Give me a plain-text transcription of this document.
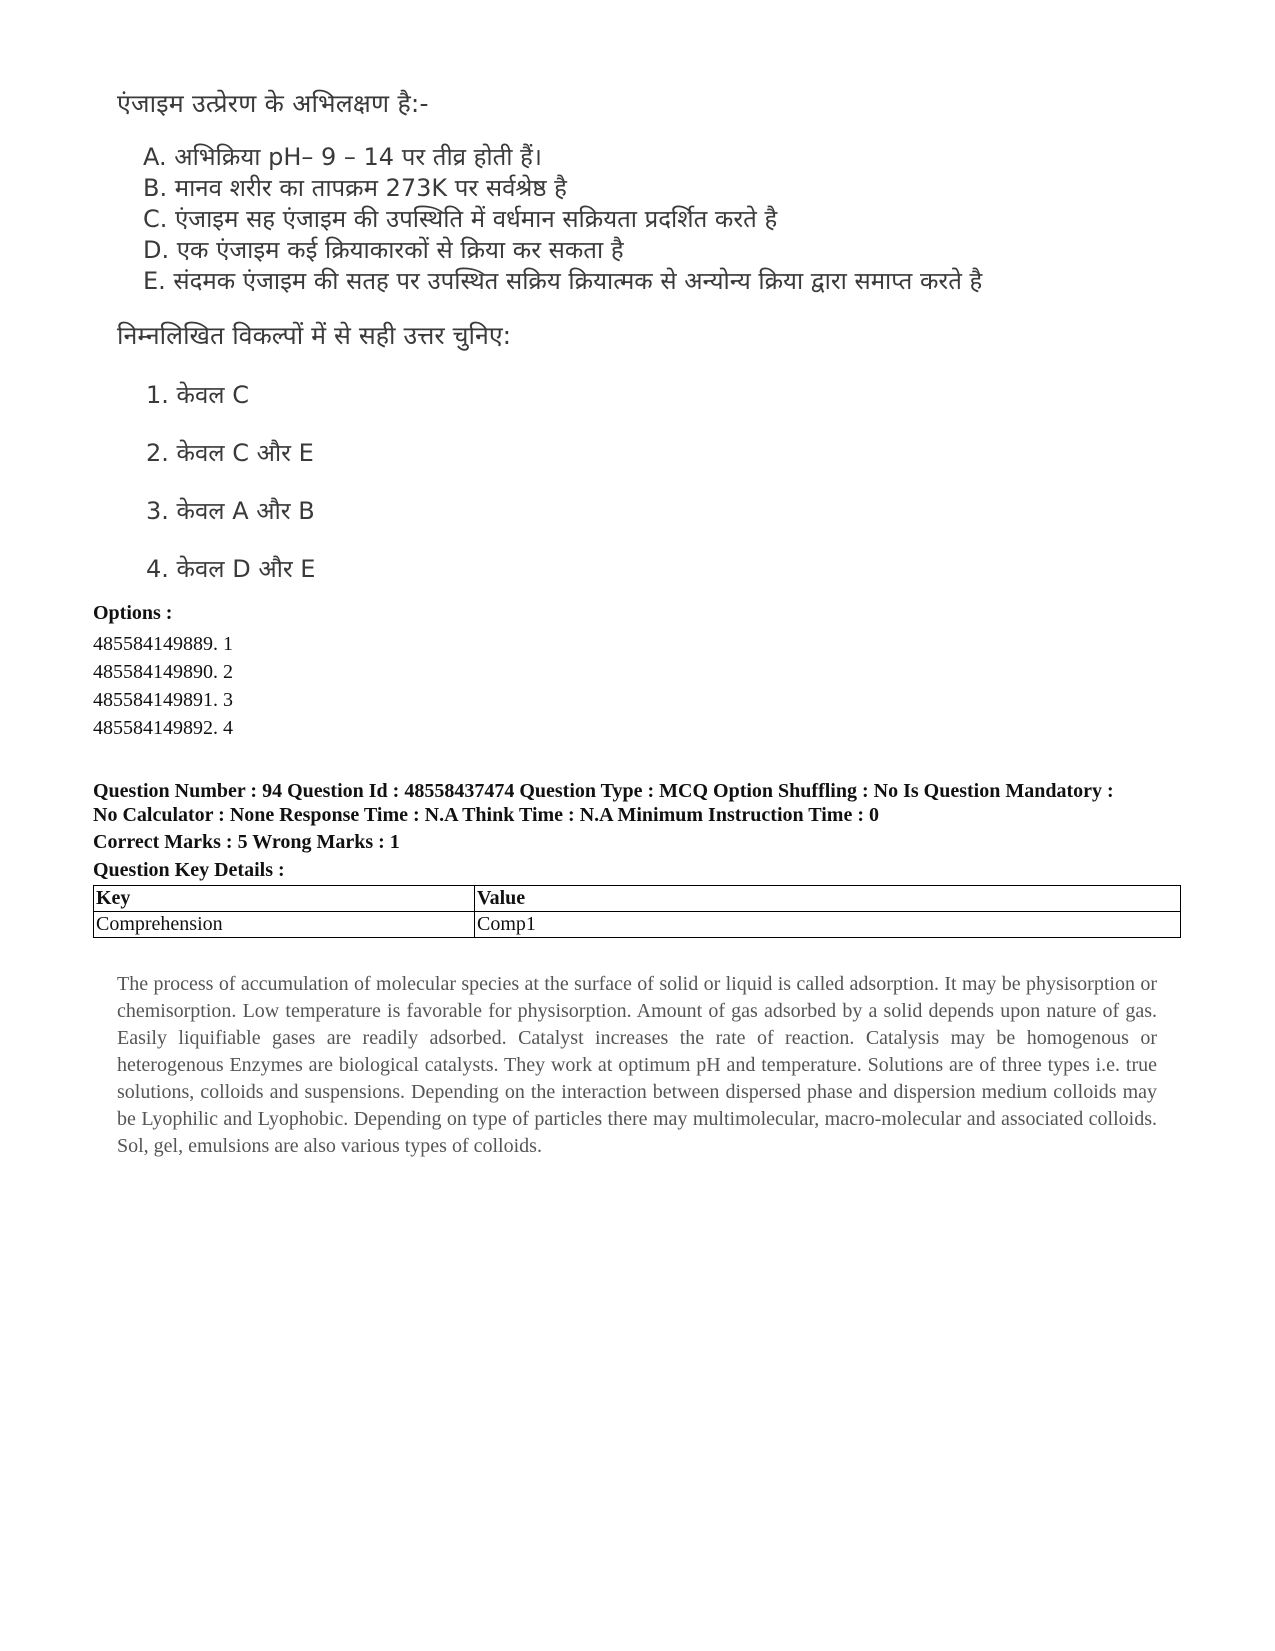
एंजाइम उत्प्रेरण के अभिलक्षण है:-
A. अभिक्रिया pH– 9 – 14 पर तीव्र होती हैं।
B. मानव शरीर का तापक्रम 273K पर सर्वश्रेष्ठ है
C. एंजाइम सह एंजाइम की उपस्थिति में वर्धमान सक्रियता प्रदर्शित करते है
D. एक एंजाइम कई क्रियाकारकों से क्रिया कर सकता है
E. संदमक एंजाइम की सतह पर उपस्थित सक्रिय क्रियात्मक से अन्योन्य क्रिया द्वारा समाप्त करते है
निम्नलिखित विकल्पों में से सही उत्तर चुनिए:
1. केवल C
2. केवल C और E
3. केवल A और B
4. केवल D और E
Options :
485584149889. 1
485584149890. 2
485584149891. 3
485584149892. 4
Question Number : 94 Question Id : 48558437474 Question Type : MCQ Option Shuffling : No Is Question Mandatory :
No Calculator : None Response Time : N.A Think Time : N.A Minimum Instruction Time : 0
Correct Marks : 5 Wrong Marks : 1
Question Key Details :
Key	Value
Comprehension	Comp1
The process of accumulation of molecular species at the surface of solid or liquid is called adsorption. It may be physisorption or chemisorption. Low temperature is favorable for physisorption. Amount of gas adsorbed by a solid depends upon nature of gas. Easily liquifiable gases are readily adsorbed. Catalyst increases the rate of reaction. Catalysis may be homogenous or heterogenous Enzymes are biological catalysts. They work at optimum pH and temperature. Solutions are of three types i.e. true solutions, colloids and suspensions. Depending on the interaction between dispersed phase and dispersion medium colloids may be Lyophilic and Lyophobic. Depending on type of particles there may multimolecular, macro-molecular and associated colloids. Sol, gel, emulsions are also various types of colloids.
